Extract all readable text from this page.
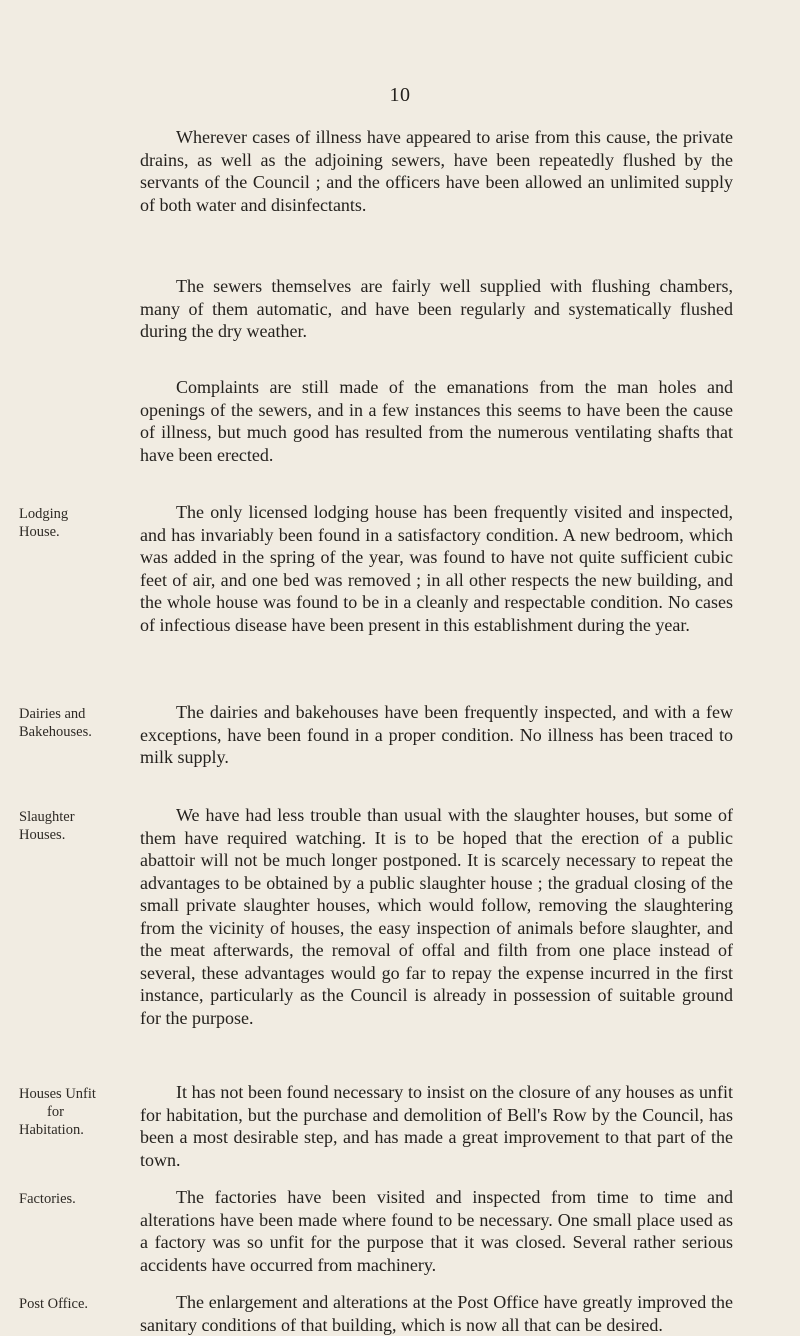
10

Wherever cases of illness have appeared to arise from this cause, the private drains, as well as the adjoining sewers, have been repeatedly flushed by the servants of the Council ; and the officers have been allowed an unlimited supply of both water and disinfectants.

The sewers themselves are fairly well supplied with flushing chambers, many of them automatic, and have been regularly and systematically flushed during the dry weather.

Complaints are still made of the emanations from the man holes and openings of the sewers, and in a few instances this seems to have been the cause of illness, but much good has resulted from the numerous ventilating shafts that have been erected.

Lodging
House.

The only licensed lodging house has been frequently visited and inspected, and has invariably been found in a satisfactory condition. A new bedroom, which was added in the spring of the year, was found to have not quite sufficient cubic feet of air, and one bed was removed ; in all other respects the new building, and the whole house was found to be in a cleanly and respectable condition. No cases of infectious disease have been present in this establishment during the year.

Dairies and
Bakehouses.

The dairies and bakehouses have been frequently inspected, and with a few exceptions, have been found in a proper condition. No illness has been traced to milk supply.

Slaughter
Houses.

We have had less trouble than usual with the slaughter houses, but some of them have required watching. It is to be hoped that the erection of a public abattoir will not be much longer postponed. It is scarcely necessary to repeat the advantages to be obtained by a public slaughter house ; the gradual closing of the small private slaughter houses, which would follow, removing the slaughtering from the vicinity of houses, the easy inspection of animals before slaughter, and the meat afterwards, the removal of offal and filth from one place instead of several, these advantages would go far to repay the expense incurred in the first instance, particularly as the Council is already in possession of suitable ground for the purpose.

Houses Unfit
for
Habitation.

It has not been found necessary to insist on the closure of any houses as unfit for habitation, but the purchase and demolition of Bell's Row by the Council, has been a most desirable step, and has made a great improvement to that part of the town.

Factories.	The factories have been visited and inspected from time to time and alterations have been made where found to be necessary. One small place used as a factory was so unfit for the purpose that it was closed. Several rather serious accidents have occurred from machinery.

Post Office.	The enlargement and alterations at the Post Office have greatly improved the sanitary conditions of that building, which is now all that can be desired.
